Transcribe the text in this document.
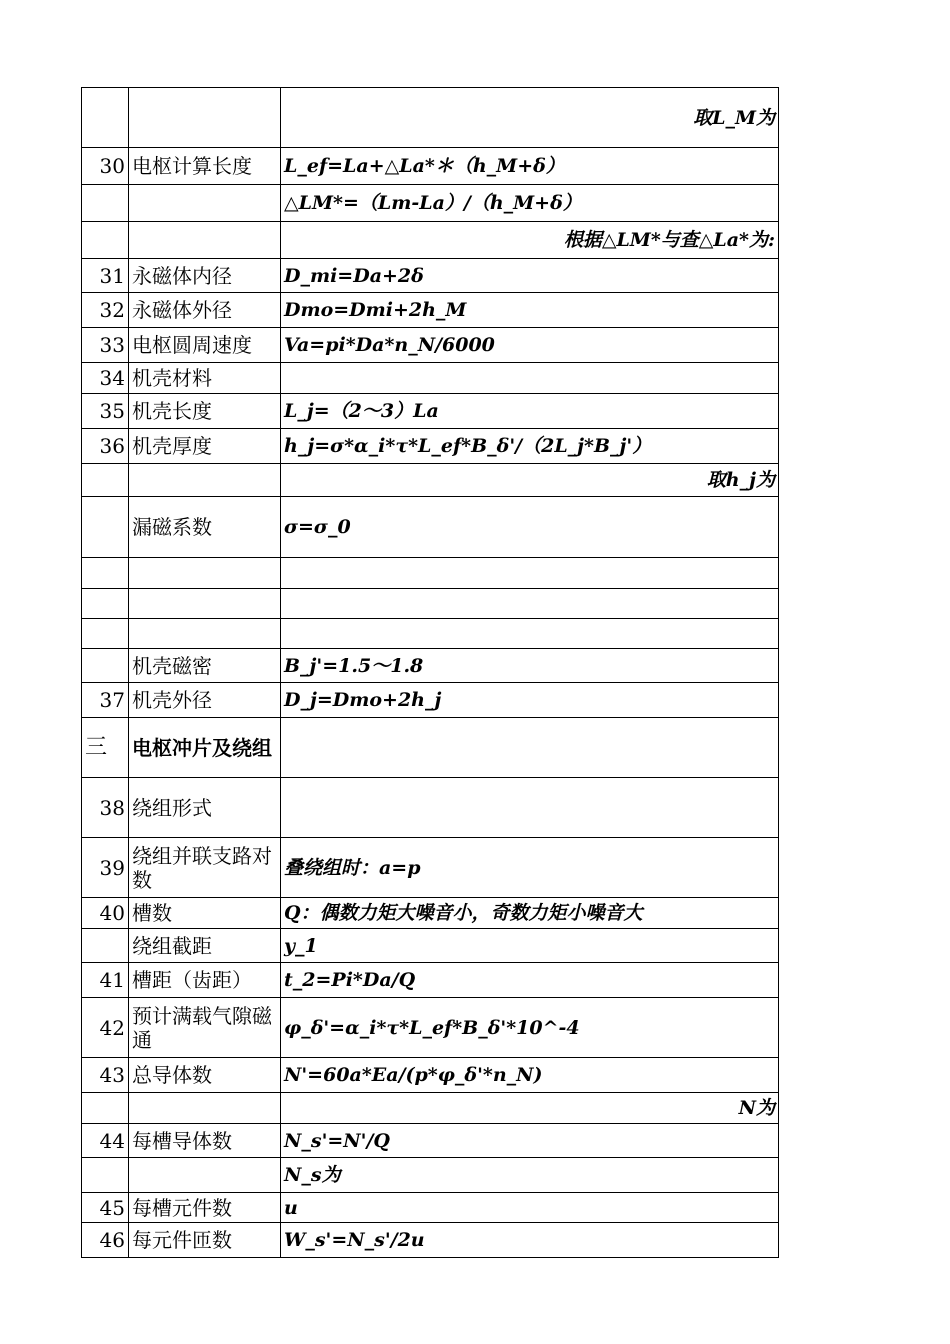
		取L_M为
30	电枢计算长度	L_ef=La+△La*＊（h_M+δ）
		△LM*=（Lm-La）/（h_M+δ）
		根据△LM*与查△La*为:
31	永磁体内径	D_mi=Da+2δ
32	永磁体外径	Dmo=Dmi+2h_M
33	电枢圆周速度	Va=pi*Da*n_N/6000
34	机壳材料	
35	机壳长度	L_j=（2～3）La
36	机壳厚度	h_j=σ*α_i*τ*L_ef*B_δ'/（2L_j*B_j'）
		取h_j为
	漏磁系数	σ=σ_0

	机壳磁密	B_j'=1.5～1.8
37	机壳外径	D_j=Dmo+2h_j
三	电枢冲片及绕组	
38	绕组形式	
39	绕组并联支路对数	叠绕组时：a=p
40	槽数	Q：偶数力矩大噪音小，奇数力矩小噪音大
	绕组截距	y_1
41	槽距（齿距）	t_2=Pi*Da/Q
42	预计满载气隙磁通	φ_δ'=α_i*τ*L_ef*B_δ'*10^-4
43	总导体数	N'=60a*Ea/(p*φ_δ'*n_N)
		N为
44	每槽导体数	N_s'=N'/Q
		N_s为
45	每槽元件数	u
46	每元件匝数	W_s'=N_s'/2u
